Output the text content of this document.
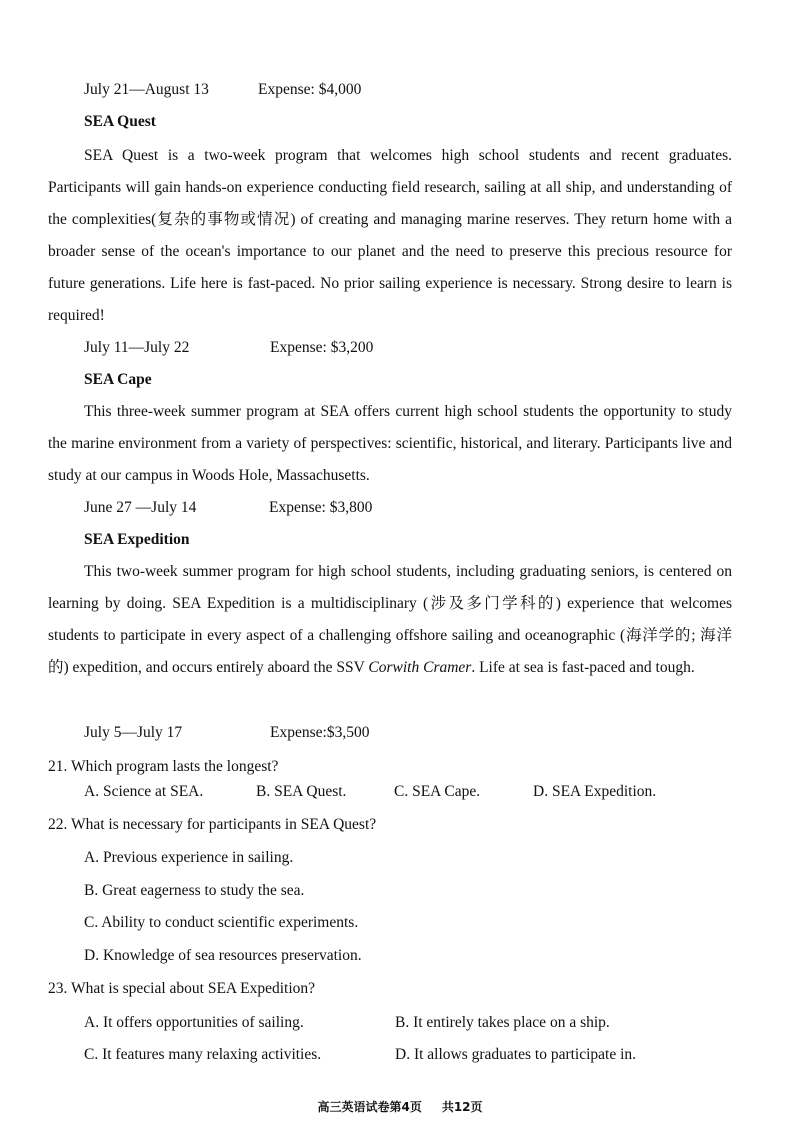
July 21—August 13	Expense: $4,000
SEA Quest
SEA Quest is a two-week program that welcomes high school students and recent graduates. Participants will gain hands-on experience conducting field research, sailing at all ship, and understanding of the complexities(复杂的事物或情况) of creating and managing marine reserves. They return home with a broader sense of the ocean's importance to our planet and the need to preserve this precious resource for future generations. Life here is fast-paced. No prior sailing experience is necessary. Strong desire to learn is required!
July 11—July 22	Expense: $3,200
SEA Cape
This three-week summer program at SEA offers current high school students the opportunity to study the marine environment from a variety of perspectives: scientific, historical, and literary. Participants live and study at our campus in Woods Hole, Massachusetts.
June 27 —July 14	Expense: $3,800
SEA Expedition
This two-week summer program for high school students, including graduating seniors, is centered on learning by doing. SEA Expedition is a multidisciplinary (涉及多门学科的) experience that welcomes students to participate in every aspect of a challenging offshore sailing and oceanographic (海洋学的; 海洋的) expedition, and occurs entirely aboard the SSV Corwith Cramer. Life at sea is fast-paced and tough.
July 5—July 17	Expense:$3,500
21. Which program lasts the longest?
A. Science at SEA.	B. SEA Quest.	C. SEA Cape.	D. SEA Expedition.
22. What is necessary for participants in SEA Quest?
A. Previous experience in sailing.
B. Great eagerness to study the sea.
C. Ability to conduct scientific experiments.
D. Knowledge of sea resources preservation.
23. What is special about SEA Expedition?
A. It offers opportunities of sailing.	B. It entirely takes place on a ship.
C. It features many relaxing activities.	D. It allows graduates to participate in.
高三英语试卷第4页 共12页
